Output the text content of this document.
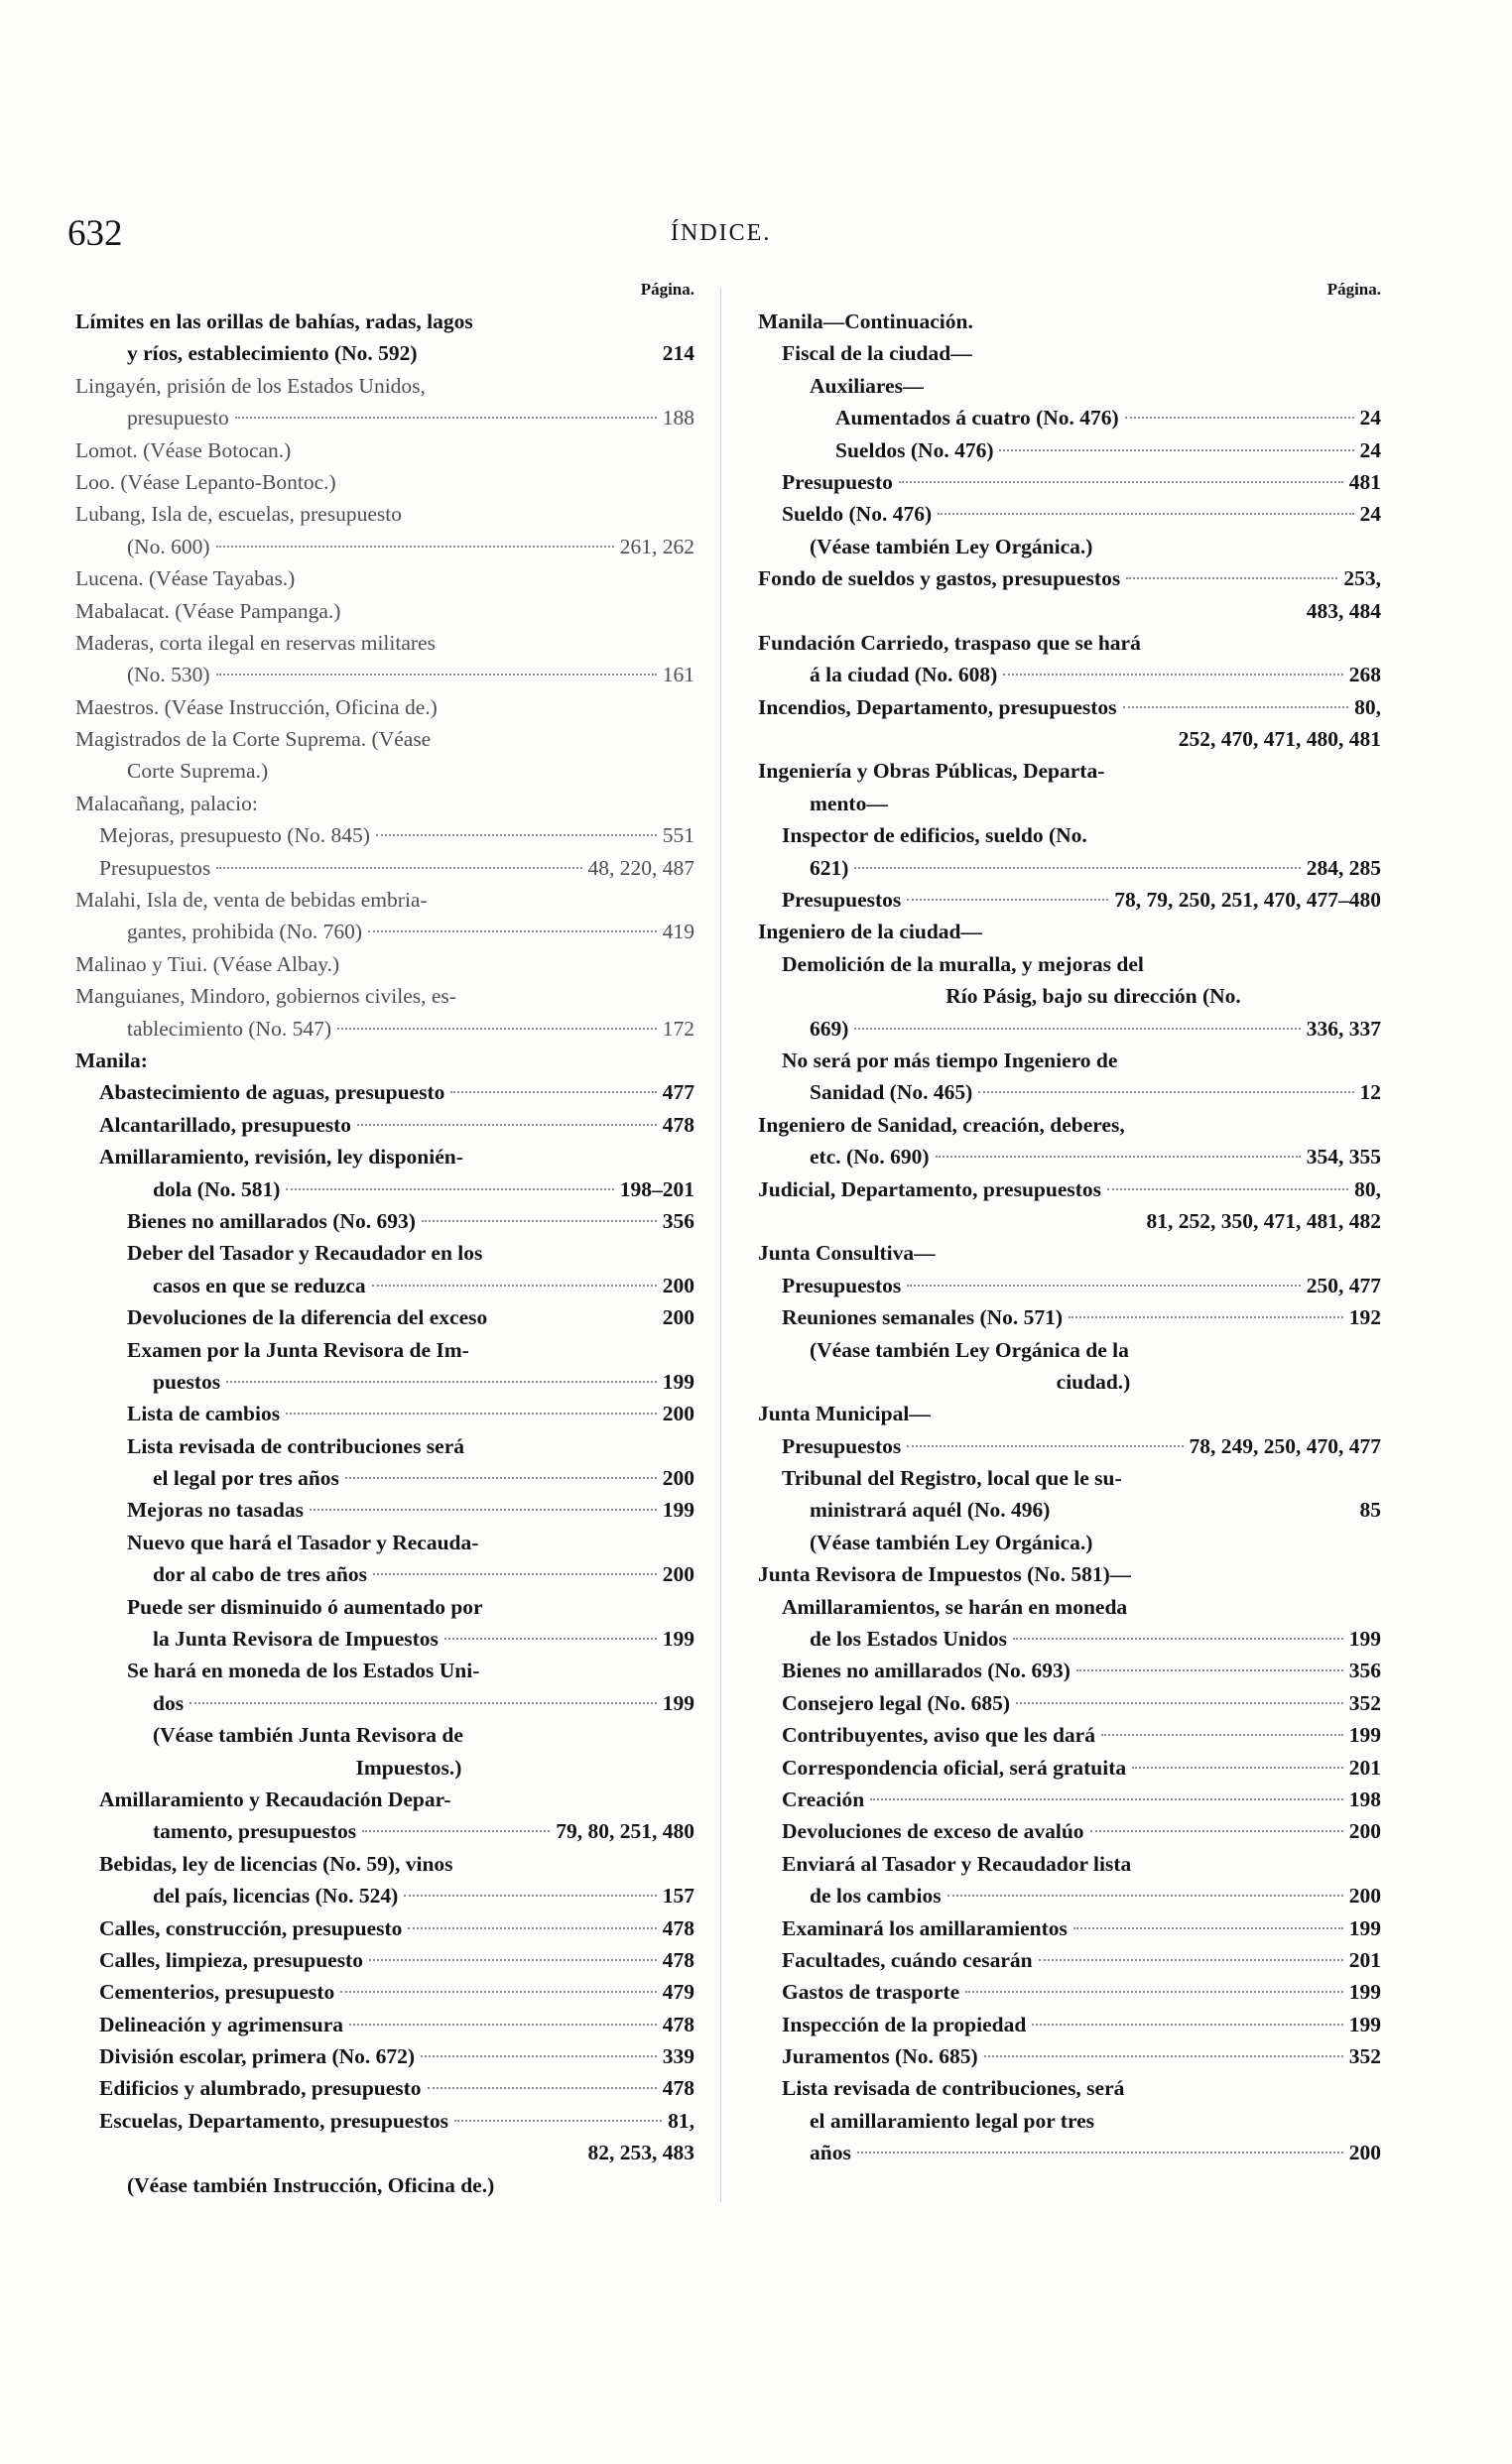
632	ÍNDICE.
Página.
Límites en las orillas de bahías, radas, lagos
y ríos, establecimiento (No. 592)	214
Lingayén, prisión de los Estados Unidos,
presupuesto	188
Lomot. (Véase Botocan.)
Loo. (Véase Lepanto-Bontoc.)
Lubang, Isla de, escuelas, presupuesto
(No. 600)	261, 262
Lucena. (Véase Tayabas.)
Mabalacat. (Véase Pampanga.)
Maderas, corta ilegal en reservas militares
(No. 530)	161
Maestros. (Véase Instrucción, Oficina de.)
Magistrados de la Corte Suprema. (Véase
Corte Suprema.)
Malacañang, palacio:
Mejoras, presupuesto (No. 845)	551
Presupuestos	48, 220, 487
Malahi, Isla de, venta de bebidas embria-
gantes, prohibida (No. 760)	419
Malinao y Tiui. (Véase Albay.)
Manguianes, Mindoro, gobiernos civiles, es-
tablecimiento (No. 547)	172
Manila:
Abastecimiento de aguas, presupuesto	477
Alcantarillado, presupuesto	478
Amillaramiento, revisión, ley disponién-
dola (No. 581)	198–201
Bienes no amillarados (No. 693)	356
Deber del Tasador y Recaudador en los
casos en que se reduzca	200
Devoluciones de la diferencia del exceso	200
Examen por la Junta Revisora de Im-
puestos	199
Lista de cambios	200
Lista revisada de contribuciones será
el legal por tres años	200
Mejoras no tasadas	199
Nuevo que hará el Tasador y Recauda-
dor al cabo de tres años	200
Puede ser disminuido ó aumentado por
la Junta Revisora de Impuestos	199
Se hará en moneda de los Estados Uni-
dos	199
(Véase también Junta Revisora de
Impuestos.)
Amillaramiento y Recaudación Depar-
tamento, presupuestos	79, 80, 251, 480
Bebidas, ley de licencias (No. 59), vinos
del país, licencias (No. 524)	157
Calles, construcción, presupuesto	478
Calles, limpieza, presupuesto	478
Cementerios, presupuesto	479
Delineación y agrimensura	478
División escolar, primera (No. 672)	339
Edificios y alumbrado, presupuesto	478
Escuelas, Departamento, presupuestos	81,
82, 253, 483
(Véase también Instrucción, Oficina de.)
Página.
Manila—Continuación.
Fiscal de la ciudad—
Auxiliares—
Aumentados á cuatro (No. 476)	24
Sueldos (No. 476)	24
Presupuesto	481
Sueldo (No. 476)	24
(Véase también Ley Orgánica.)
Fondo de sueldos y gastos, presupuestos	253,
483, 484
Fundación Carriedo, traspaso que se hará
á la ciudad (No. 608)	268
Incendios, Departamento, presupuestos	80,
252, 470, 471, 480, 481
Ingeniería y Obras Públicas, Departa-
mento—
Inspector de edificios, sueldo (No.
621)	284, 285
Presupuestos	78, 79, 250, 251, 470, 477–480
Ingeniero de la ciudad—
Demolición de la muralla, y mejoras del
Río Pásig, bajo su dirección (No.
669)	336, 337
No será por más tiempo Ingeniero de
Sanidad (No. 465)	12
Ingeniero de Sanidad, creación, deberes,
etc. (No. 690)	354, 355
Judicial, Departamento, presupuestos	80,
81, 252, 350, 471, 481, 482
Junta Consultiva—
Presupuestos	250, 477
Reuniones semanales (No. 571)	192
(Véase también Ley Orgánica de la
ciudad.)
Junta Municipal—
Presupuestos	78, 249, 250, 470, 477
Tribunal del Registro, local que le su-
ministrará aquél (No. 496)	85
(Véase también Ley Orgánica.)
Junta Revisora de Impuestos (No. 581)—
Amillaramientos, se harán en moneda
de los Estados Unidos	199
Bienes no amillarados (No. 693)	356
Consejero legal (No. 685)	352
Contribuyentes, aviso que les dará	199
Correspondencia oficial, será gratuita	201
Creación	198
Devoluciones de exceso de avalúo	200
Enviará al Tasador y Recaudador lista
de los cambios	200
Examinará los amillaramientos	199
Facultades, cuándo cesarán	201
Gastos de trasporte	199
Inspección de la propiedad	199
Juramentos (No. 685)	352
Lista revisada de contribuciones, será
el amillaramiento legal por tres
años	200
